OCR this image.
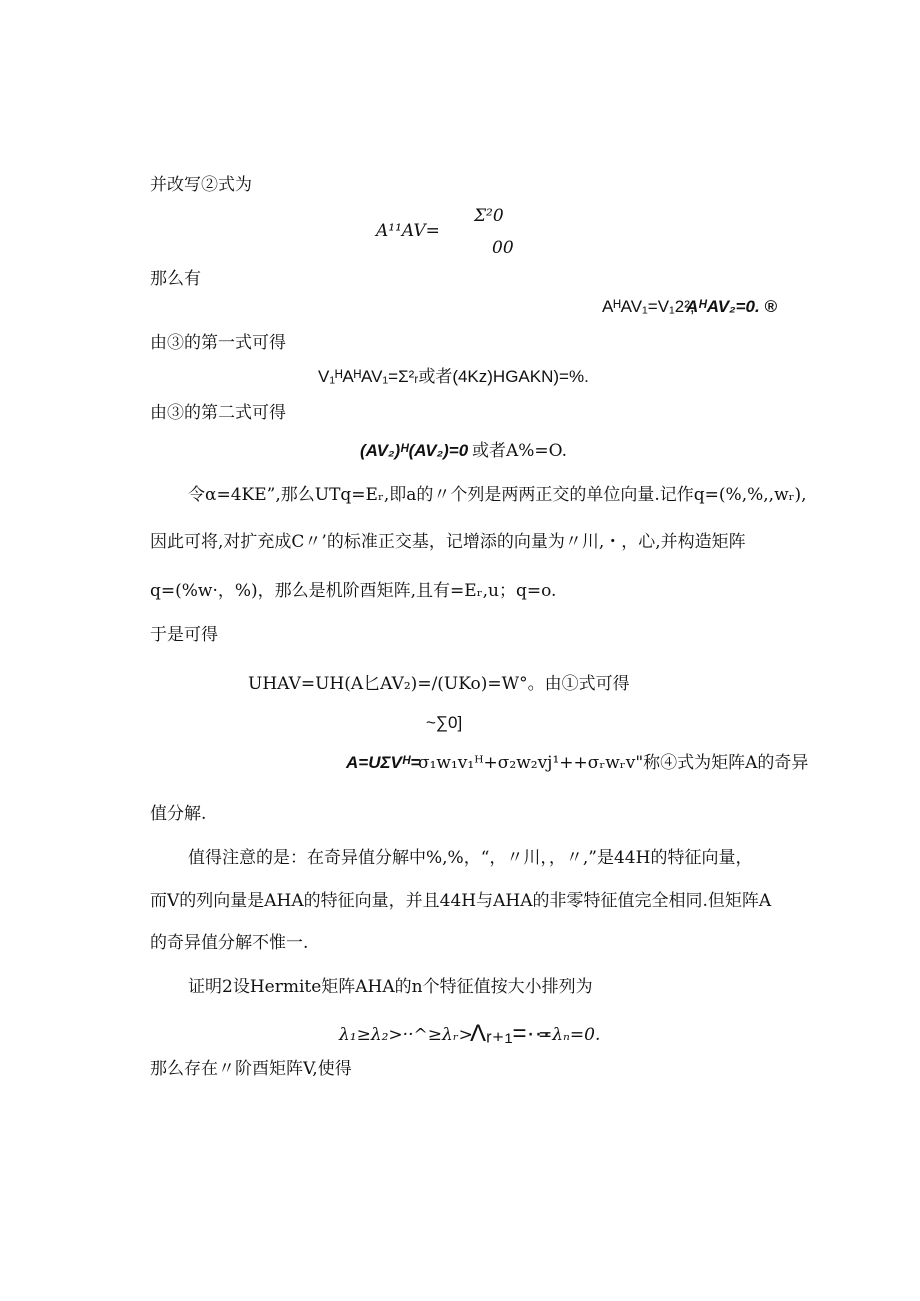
并改写②式为
Σ²0
A¹¹AV=
00
那么有
AᴴAV₁=V₁2²,
AᴴAV₂=0. ®
由③的第一式可得
V₁ᴴAᴴAV₁=Σ²ᵣ或者(4Kz)HGAKN)=%.
由③的第二式可得
(AV₂)ᴴ(AV₂)=0 或者A%=O.
令α=4KE”,那么UTq=Eᵣ,即a的〃个列是两两正交的单位向量.记作q=(%,%,,wᵣ),
因此可将,对扩充成C〃’的标准正交基，记增添的向量为〃川,・，心,并构造矩阵
q=(%w·，%)，那么是机阶酉矩阵,且有=Eᵣ,u；q=o.
于是可得
UHAV=UH(A匕AV₂)=/(UKo)=W°。由①式可得
~∑0]
A=UΣVᴴ=
σ₁w₁v₁ᴴ+σ₂w₂vj¹++σᵣwᵣv"称④式为矩阵A的奇异
值分解.
值得注意的是：在奇异值分解中%,%，“，〃川，，〃,”是44H的特征向量，
而V的列向量是AHA的特征向量，并且44H与AHA的非零特征值完全相同.但矩阵A
的奇异值分解不惟一.
证明2设Hermite矩阵AHA的n个特征值按大小排列为
λ₁≥λ₂>··^≥λᵣ>
Λᵣ₊₁=···
=λₙ=0.
那么存在〃阶酉矩阵V,使得
